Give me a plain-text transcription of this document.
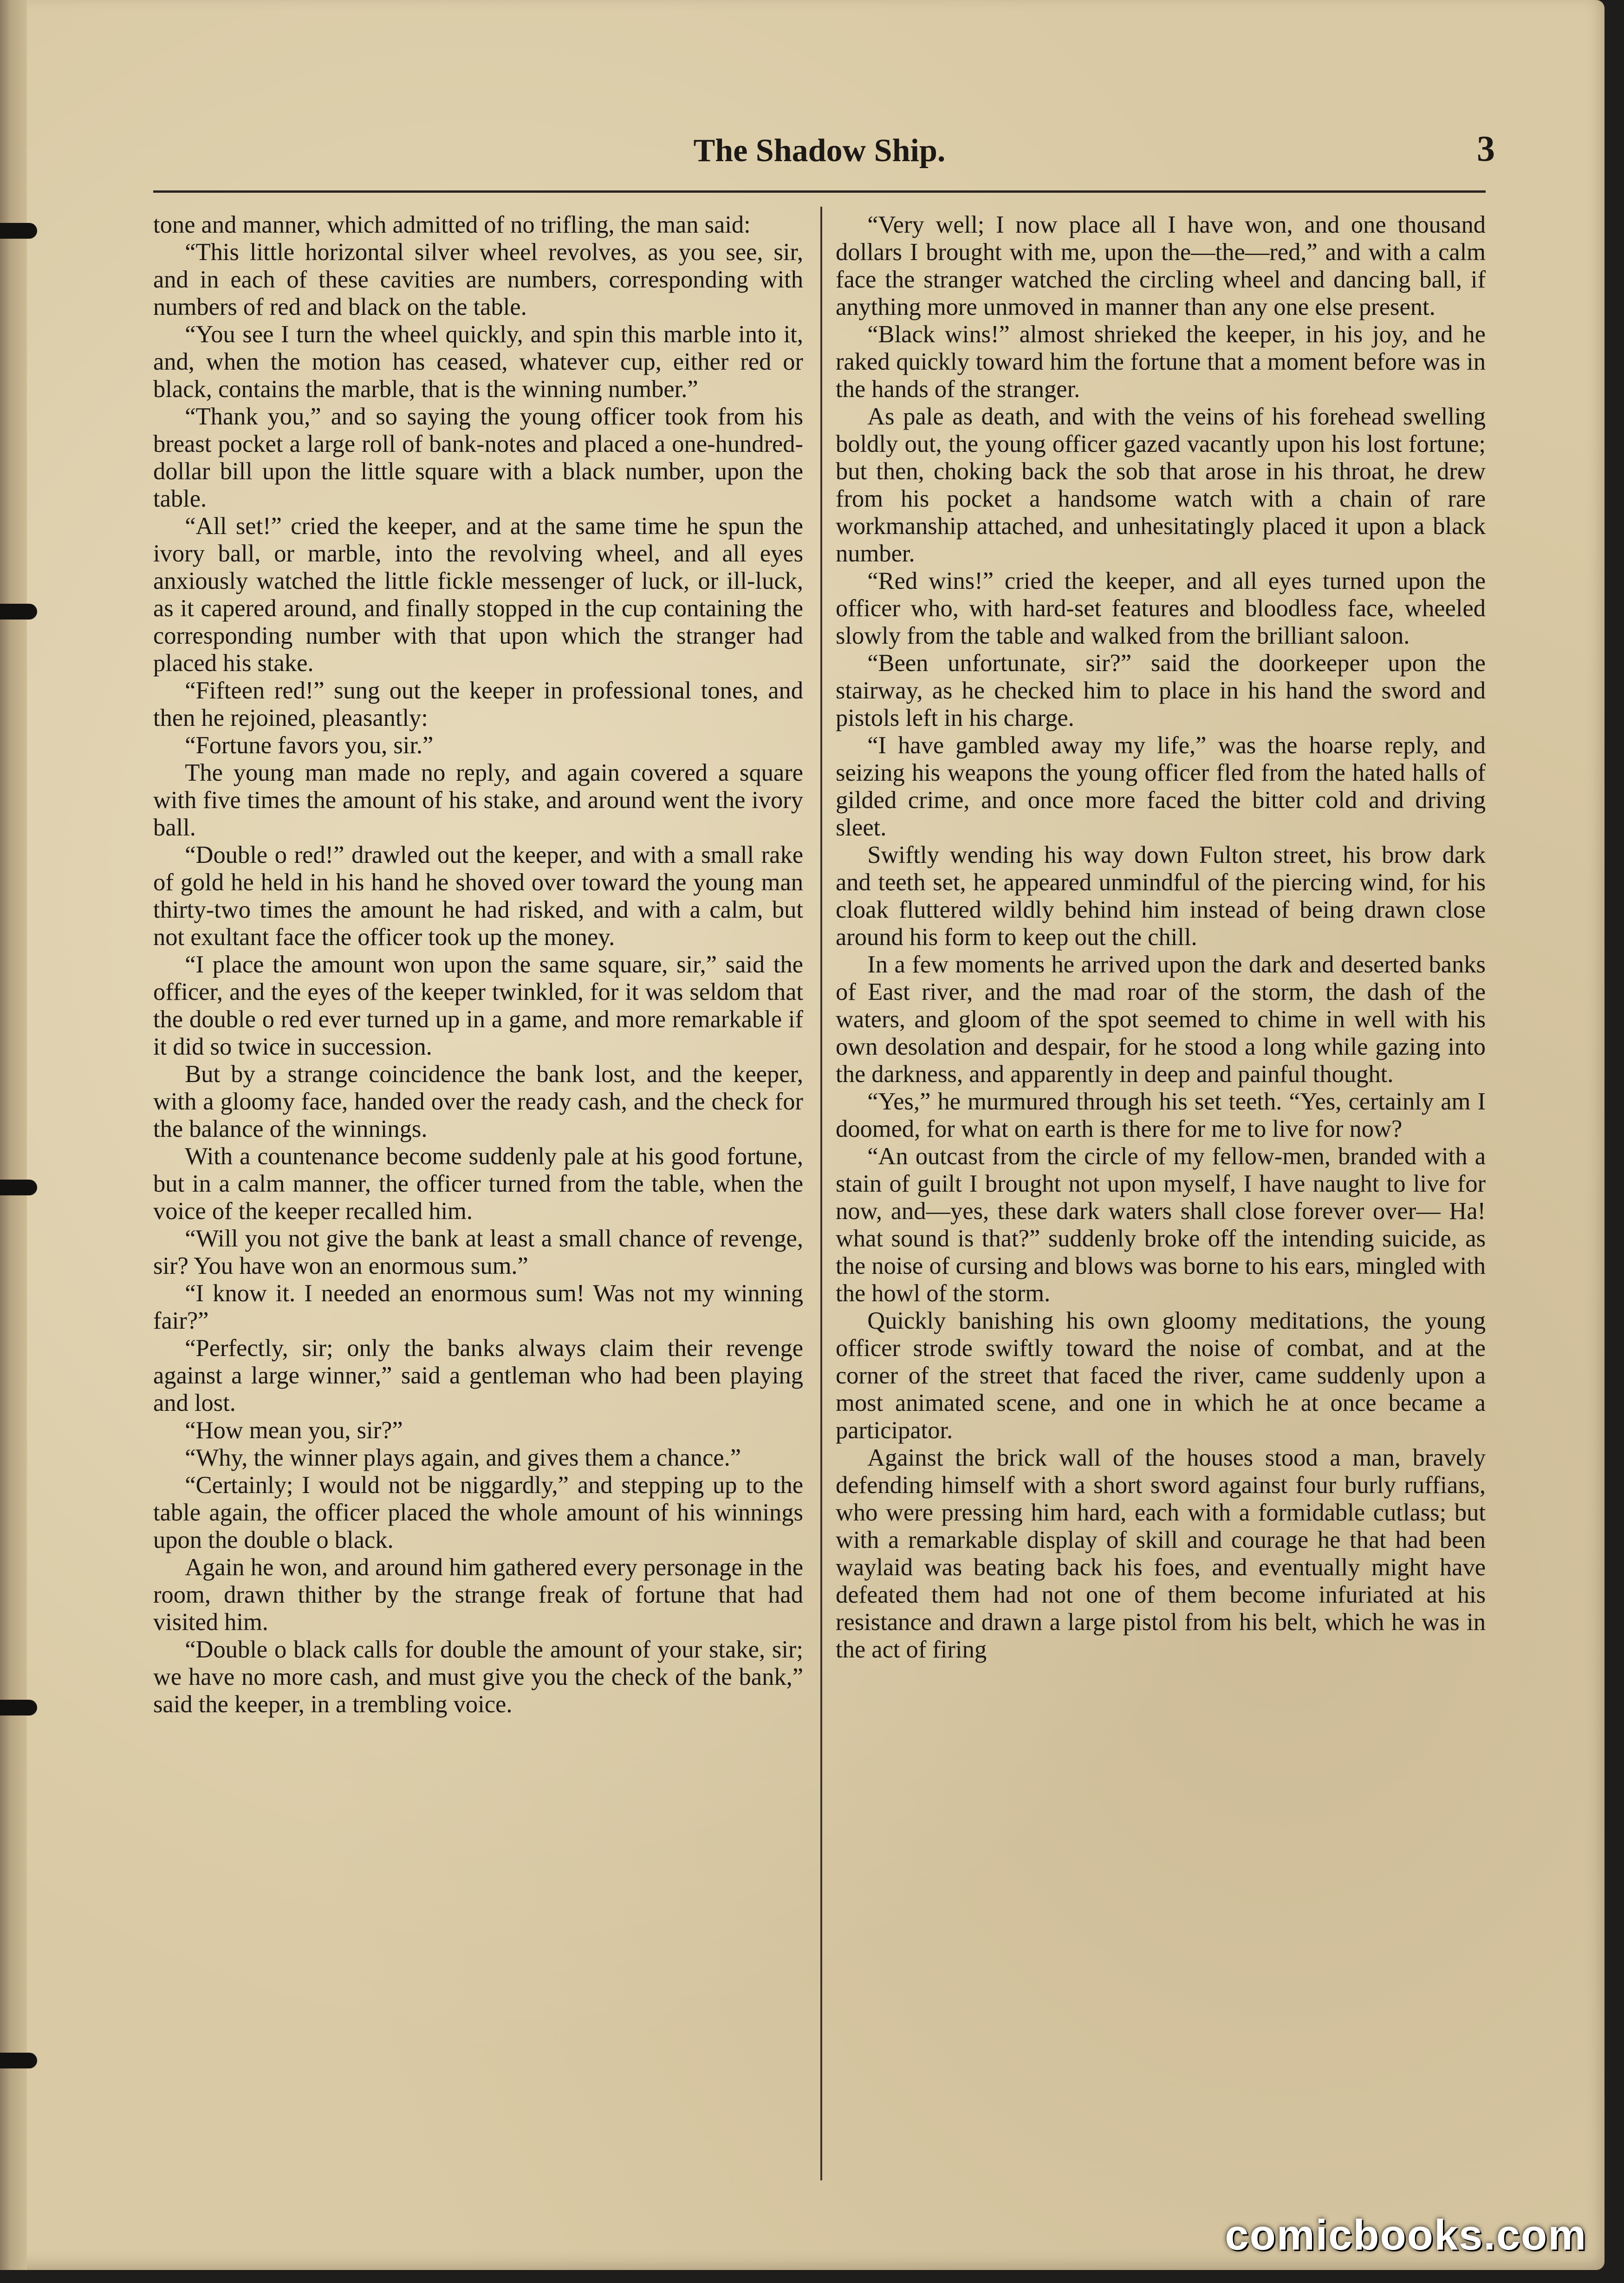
The Shadow Ship.	3

tone and manner, which admitted of no trifling, the man said:

“This little horizontal silver wheel revolves, as you see, sir, and in each of these cavities are numbers, corresponding with numbers of red and black on the table.

“You see I turn the wheel quickly, and spin this marble into it, and, when the motion has ceased, whatever cup, either red or black, contains the marble, that is the winning number.”

“Thank you,” and so saying the young officer took from his breast pocket a large roll of bank-notes and placed a one-hundred-dollar bill upon the little square with a black number, upon the table.

“All set!” cried the keeper, and at the same time he spun the ivory ball, or marble, into the revolving wheel, and all eyes anxiously watched the little fickle messenger of luck, or ill-luck, as it capered around, and finally stopped in the cup containing the corresponding number with that upon which the stranger had placed his stake.

“Fifteen red!” sung out the keeper in professional tones, and then he rejoined, pleasantly:

“Fortune favors you, sir.”

The young man made no reply, and again covered a square with five times the amount of his stake, and around went the ivory ball.

“Double o red!” drawled out the keeper, and with a small rake of gold he held in his hand he shoved over toward the young man thirty-two times the amount he had risked, and with a calm, but not exultant face the officer took up the money.

“I place the amount won upon the same square, sir,” said the officer, and the eyes of the keeper twinkled, for it was seldom that the double o red ever turned up in a game, and more remarkable if it did so twice in succession.

But by a strange coincidence the bank lost, and the keeper, with a gloomy face, handed over the ready cash, and the check for the balance of the winnings.

With a countenance become suddenly pale at his good fortune, but in a calm manner, the officer turned from the table, when the voice of the keeper recalled him.

“Will you not give the bank at least a small chance of revenge, sir? You have won an enormous sum.”

“I know it. I needed an enormous sum! Was not my winning fair?”

“Perfectly, sir; only the banks always claim their revenge against a large winner,” said a gentleman who had been playing and lost.

“How mean you, sir?”

“Why, the winner plays again, and gives them a chance.”

“Certainly; I would not be niggardly,” and stepping up to the table again, the officer placed the whole amount of his winnings upon the double o black.

Again he won, and around him gathered every personage in the room, drawn thither by the strange freak of fortune that had visited him.

“Double o black calls for double the amount of your stake, sir; we have no more cash, and must give you the check of the bank,” said the keeper, in a trembling voice.

“Very well; I now place all I have won, and one thousand dollars I brought with me, upon the—the—red,” and with a calm face the stranger watched the circling wheel and dancing ball, if anything more unmoved in manner than any one else present.

“Black wins!” almost shrieked the keeper, in his joy, and he raked quickly toward him the fortune that a moment before was in the hands of the stranger.

As pale as death, and with the veins of his forehead swelling boldly out, the young officer gazed vacantly upon his lost fortune; but then, choking back the sob that arose in his throat, he drew from his pocket a handsome watch with a chain of rare workmanship attached, and unhesitatingly placed it upon a black number.

“Red wins!” cried the keeper, and all eyes turned upon the officer who, with hard-set features and bloodless face, wheeled slowly from the table and walked from the brilliant saloon.

“Been unfortunate, sir?” said the doorkeeper upon the stairway, as he checked him to place in his hand the sword and pistols left in his charge.

“I have gambled away my life,” was the hoarse reply, and seizing his weapons the young officer fled from the hated halls of gilded crime, and once more faced the bitter cold and driving sleet.

Swiftly wending his way down Fulton street, his brow dark and teeth set, he appeared unmindful of the piercing wind, for his cloak fluttered wildly behind him instead of being drawn close around his form to keep out the chill.

In a few moments he arrived upon the dark and deserted banks of East river, and the mad roar of the storm, the dash of the waters, and gloom of the spot seemed to chime in well with his own desolation and despair, for he stood a long while gazing into the darkness, and apparently in deep and painful thought.

“Yes,” he murmured through his set teeth. “Yes, certainly am I doomed, for what on earth is there for me to live for now?

“An outcast from the circle of my fellow-men, branded with a stain of guilt I brought not upon myself, I have naught to live for now, and—yes, these dark waters shall close forever over— Ha! what sound is that?” suddenly broke off the intending suicide, as the noise of cursing and blows was borne to his ears, mingled with the howl of the storm.

Quickly banishing his own gloomy meditations, the young officer strode swiftly toward the noise of combat, and at the corner of the street that faced the river, came suddenly upon a most animated scene, and one in which he at once became a participator.

Against the brick wall of the houses stood a man, bravely defending himself with a short sword against four burly ruffians, who were pressing him hard, each with a formidable cutlass; but with a remarkable display of skill and courage he that had been waylaid was beating back his foes, and eventually might have defeated them had not one of them become infuriated at his resistance and drawn a large pistol from his belt, which he was in the act of firing

comicbooks.com
